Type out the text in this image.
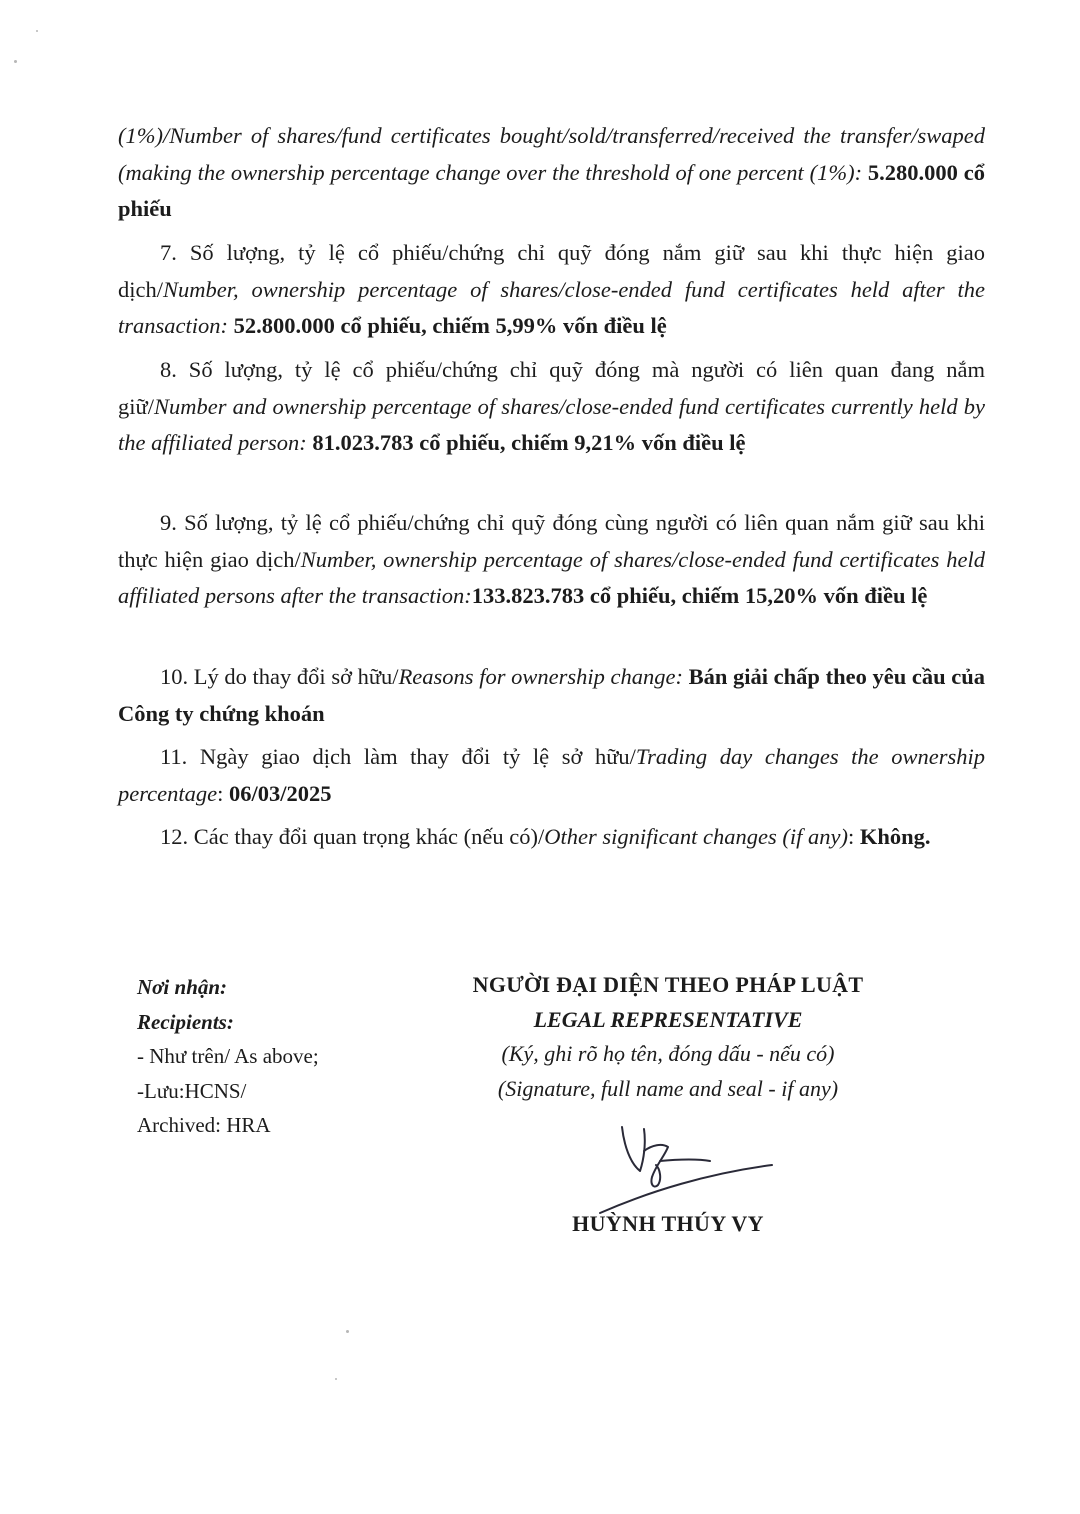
(1%)/Number of shares/fund certificates bought/sold/transferred/received the transfer/swaped (making the ownership percentage change over the threshold of one percent (1%): 5.280.000 cổ phiếu

7. Số lượng, tỷ lệ cổ phiếu/chứng chỉ quỹ đóng nắm giữ sau khi thực hiện giao dịch/Number, ownership percentage of shares/close-ended fund certificates held after the transaction: 52.800.000 cổ phiếu, chiếm 5,99% vốn điều lệ

8. Số lượng, tỷ lệ cổ phiếu/chứng chỉ quỹ đóng mà người có liên quan đang nắm giữ/Number and ownership percentage of shares/close-ended fund certificates currently held by the affiliated person: 81.023.783 cổ phiếu, chiếm 9,21% vốn điều lệ

9. Số lượng, tỷ lệ cổ phiếu/chứng chỉ quỹ đóng cùng người có liên quan nắm giữ sau khi thực hiện giao dịch/Number, ownership percentage of shares/close-ended fund certificates held affiliated persons after the transaction:133.823.783 cổ phiếu, chiếm 15,20% vốn điều lệ

10. Lý do thay đổi sở hữu/Reasons for ownership change: Bán giải chấp theo yêu cầu của Công ty chứng khoán

11. Ngày giao dịch làm thay đổi tỷ lệ sở hữu/Trading day changes the ownership percentage: 06/03/2025

12. Các thay đổi quan trọng khác (nếu có)/Other significant changes (if any): Không.

Nơi nhận:
Recipients:
- Như trên/ As above;
-Lưu:HCNS/
Archived: HRA
NGƯỜI ĐẠI DIỆN THEO PHÁP LUẬT
LEGAL REPRESENTATIVE
(Ký, ghi rõ họ tên, đóng dấu - nếu có)
(Signature, full name and seal - if any)
HUỲNH THÚY VY
